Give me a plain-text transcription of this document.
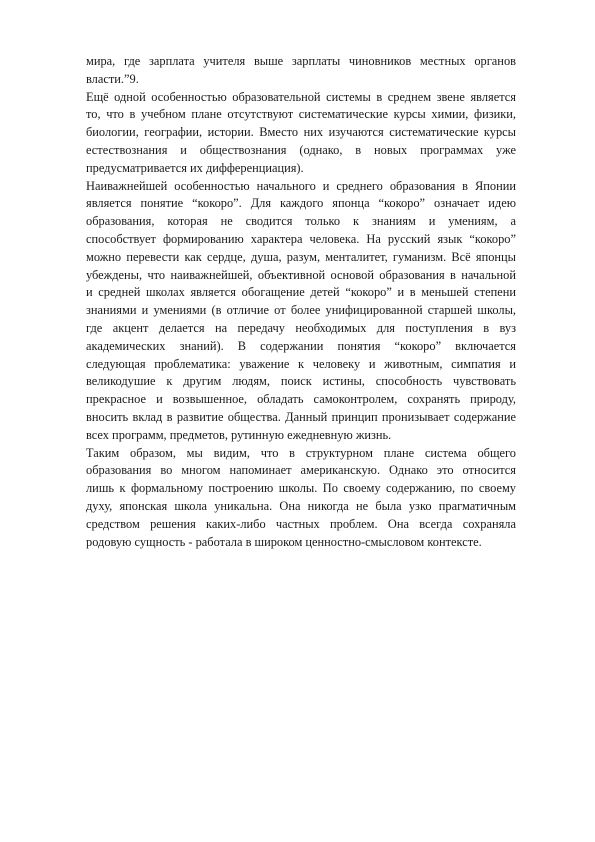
мира, где зарплата учителя выше зарплаты чиновников местных органов
власти.”9.
Ещё одной особенностью образовательной системы в среднем звене является
то, что в учебном плане отсутствуют систематические курсы химии, физики,
биологии, географии, истории. Вместо них изучаются систематические курсы
естествознания и обществознания (однако, в новых программах уже
предусматривается их дифференциация).
Наиважнейшей особенностью начального и среднего образования в Японии
является понятие “кокоро”. Для каждого японца “кокоро” означает идею
образования, которая не сводится только к знаниям и умениям, а
способствует формированию характера человека. На русский язык “кокоро”
можно перевести как сердце, душа, разум, менталитет, гуманизм. Всё японцы
убеждены, что наиважнейшей, объективной основой образования в начальной
и средней школах является обогащение детей “кокоро” и в меньшей степени
знаниями и умениями (в отличие от более унифицированной старшей школы,
где акцент делается на передачу необходимых для поступления в вуз
академических знаний). В содержании понятия “кокоро” включается
следующая проблематика: уважение к человеку и животным, симпатия и
великодушие к другим людям, поиск истины, способность чувствовать
прекрасное и возвышенное, обладать самоконтролем, сохранять природу,
вносить вклад в развитие общества. Данный принцип пронизывает содержание
всех программ, предметов, рутинную ежедневную жизнь.
Таким образом, мы видим, что в структурном плане система общего
образования во многом напоминает американскую. Однако это относится
лишь к формальному построению школы. По своему содержанию, по своему
духу, японская школа уникальна. Она никогда не была узко прагматичным
средством решения каких-либо частных проблем. Она всегда сохраняла
родовую сущность - работала в широком ценностно-смысловом контексте.
